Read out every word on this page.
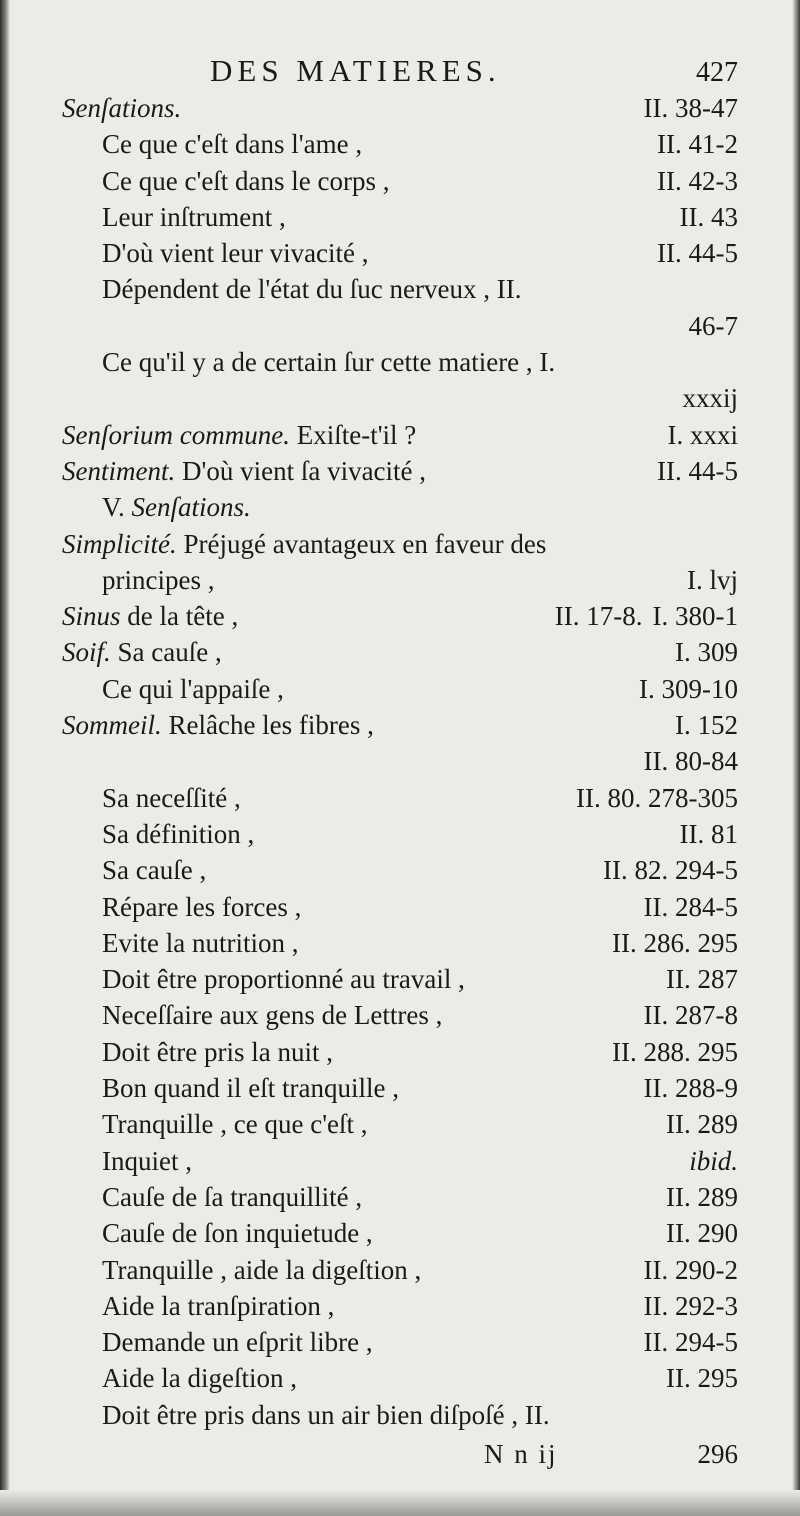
DES MATIERES.	427
Senſations.	II. 38-47
Ce que c'eſt dans l'ame ,	II. 41-2
Ce que c'eſt dans le corps ,	II. 42-3
Leur inſtrument ,	II. 43
D'où vient leur vivacité ,	II. 44-5
Dépendent de l'état du ſuc nerveux , II.
46-7
Ce qu'il y a de certain ſur cette matiere , I.
xxxij
Senſorium commune. Exiſte-t'il ?	I. xxxi
Sentiment. D'où vient ſa vivacité ,	II. 44-5
V. Senſations.
Simplicité. Préjugé avantageux en faveur des
principes ,	I. lvj
Sinus de la tête ,	II. 17-8. I. 380-1
Soif. Sa cauſe ,	I. 309
Ce qui l'appaiſe ,	I. 309-10
Sommeil. Relâche les fibres ,	I. 152
II. 80-84
Sa neceſſité ,	II. 80. 278-305
Sa définition ,	II. 81
Sa cauſe ,	II. 82. 294-5
Répare les forces ,	II. 284-5
Evite la nutrition ,	II. 286. 295
Doit être proportionné au travail ,	II. 287
Neceſſaire aux gens de Lettres ,	II. 287-8
Doit être pris la nuit ,	II. 288. 295
Bon quand il eſt tranquille ,	II. 288-9
Tranquille , ce que c'eſt ,	II. 289
Inquiet ,	ibid.
Cauſe de ſa tranquillité ,	II. 289
Cauſe de ſon inquietude ,	II. 290
Tranquille , aide la digeſtion ,	II. 290-2
Aide la tranſpiration ,	II. 292-3
Demande un eſprit libre ,	II. 294-5
Aide la digeſtion ,	II. 295
Doit être pris dans un air bien diſpoſé , II.
N n ij	296
